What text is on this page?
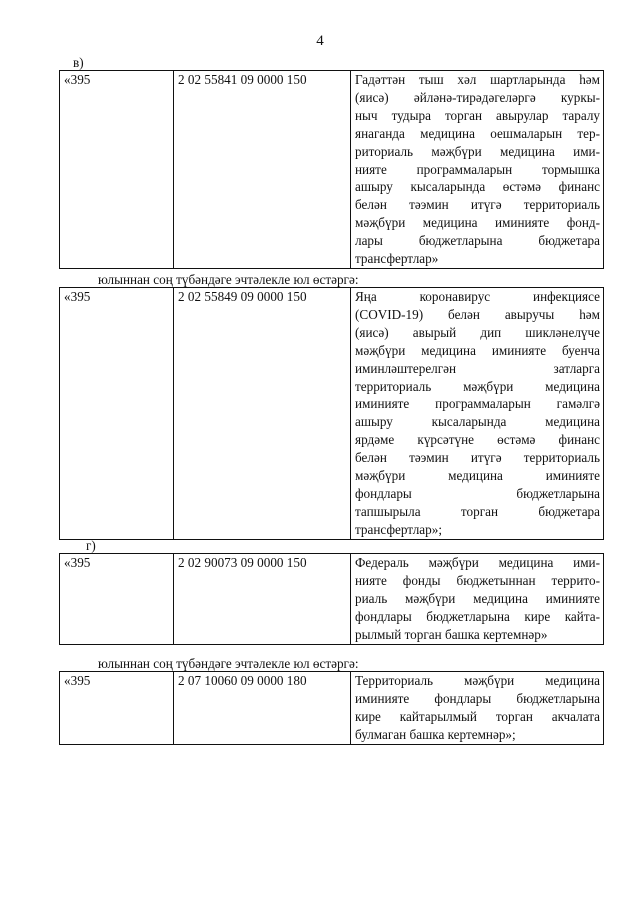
4
в)
«395	2 02 55841 09 0000 150	Гадәттән тыш хәл шартларында һәм
(яисә) әйләнә-тирәдәгеләргә куркы-
ныч тудыра торган авырулар таралу
янаганда медицина оешмаларын тер-
риториаль мәҗбүри медицина ими-
нияте программаларын тормышка
ашыру кысаларында өстәмә финанс
белән тәэмин итүгә территориаль
мәҗбүри медицина иминияте фонд-
лары бюджетларына бюджетара
трансфертлар»
юлыннан соң түбәндәге эчтәлекле юл өстәргә:
«395	2 02 55849 09 0000 150	Яңа коронавирус инфекциясе
(COVID-19) белән авыручы һәм
(яисә) авырый дип шикләнелүче
мәҗбүри медицина иминияте буенча
иминләштерелгән затларга
территориаль мәҗбүри медицина
иминияте программаларын гамәлгә
ашыру кысаларында медицина
ярдәме күрсәтүне өстәмә финанс
белән тәэмин итүгә территориаль
мәҗбүри медицина иминияте
фондлары бюджетларына
тапшырыла торган бюджетара
трансфертлар»;
г)
«395	2 02 90073 09 0000 150	Федераль мәҗбүри медицина ими-
нияте фонды бюджетыннан террито-
риаль мәҗбүри медицина иминияте
фондлары бюджетларына кире кайта-
рылмый торган башка кертемнәр»
юлыннан соң түбәндәге эчтәлекле юл өстәргә:
«395	2 07 10060 09 0000 180	Территориаль мәҗбүри медицина
иминияте фондлары бюджетларына
кире кайтарылмый торган акчалата
булмаган башка кертемнәр»;
